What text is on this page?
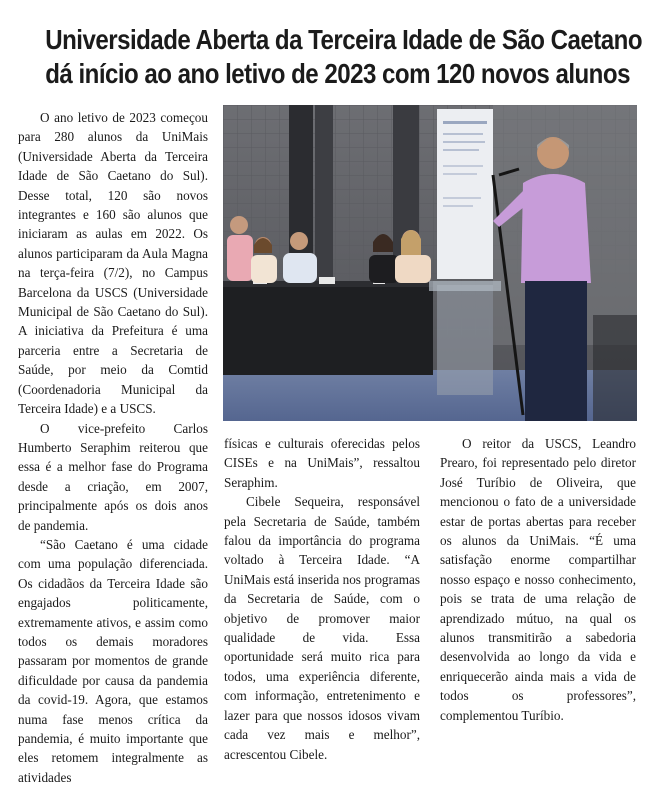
Universidade Aberta da Terceira Idade de São Caetano
dá início ao ano letivo de 2023 com 120 novos alunos

O ano letivo de 2023 começou para 280 alunos da UniMais (Universidade Aberta da Terceira Idade de São Caetano do Sul). Desse total, 120 são novos integrantes e 160 são alunos que iniciaram as aulas em 2022. Os alunos participaram da Aula Magna na terça-feira (7/2), no Campus Barcelona da USCS (Universidade Municipal de São Caetano do Sul). A iniciativa da Prefeitura é uma parceria entre a Secretaria de Saúde, por meio da Comtid (Coordenadoria Municipal da Terceira Idade) e a USCS.

O vice-prefeito Carlos Humberto Seraphim reiterou que essa é a melhor fase do Programa desde a criação, em 2007, principalmente após os dois anos de pandemia.

“São Caetano é uma cidade com uma população diferenciada. Os cidadãos da Terceira Idade são engajados politicamente, extremamente ativos, e assim como todos os demais moradores passaram por momentos de grande dificuldade por causa da pandemia da covid-19. Agora, que estamos numa fase menos crítica da pandemia, é muito importante que eles retomem integralmente as atividades

físicas e culturais oferecidas pelos CISEs e na UniMais”, ressaltou Seraphim.

Cibele Sequeira, responsável pela Secretaria de Saúde, também falou da importância do programa voltado à Terceira Idade. “A UniMais está inserida nos programas da Secretaria de Saúde, com o objetivo de promover maior qualidade de vida. Essa oportunidade será muito rica para todos, uma experiência diferente, com informação, entretenimento e lazer para que nossos idosos vivam cada vez mais e melhor”, acrescentou Cibele.

O reitor da USCS, Leandro Prearo, foi representado pelo diretor José Turíbio de Oliveira, que mencionou o fato de a universidade estar de portas abertas para receber os alunos da UniMais. “É uma satisfação enorme compartilhar nosso espaço e nosso conhecimento, pois se trata de uma relação de aprendizado mútuo, na qual os alunos transmitirão a sabedoria desenvolvida ao longo da vida e enriquecerão ainda mais a vida de todos os professores”, complementou Turíbio.
